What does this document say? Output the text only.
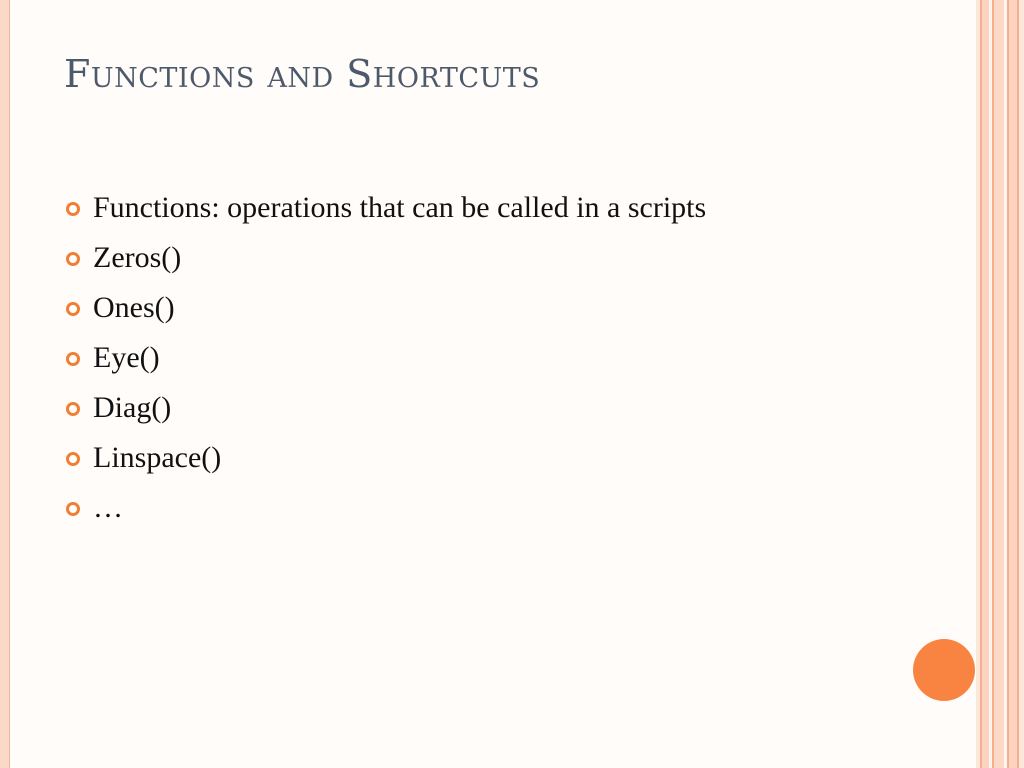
Functions and Shortcuts
Functions: operations that can be called in a scripts
Zeros()
Ones()
Eye()
Diag()
Linspace()
…
